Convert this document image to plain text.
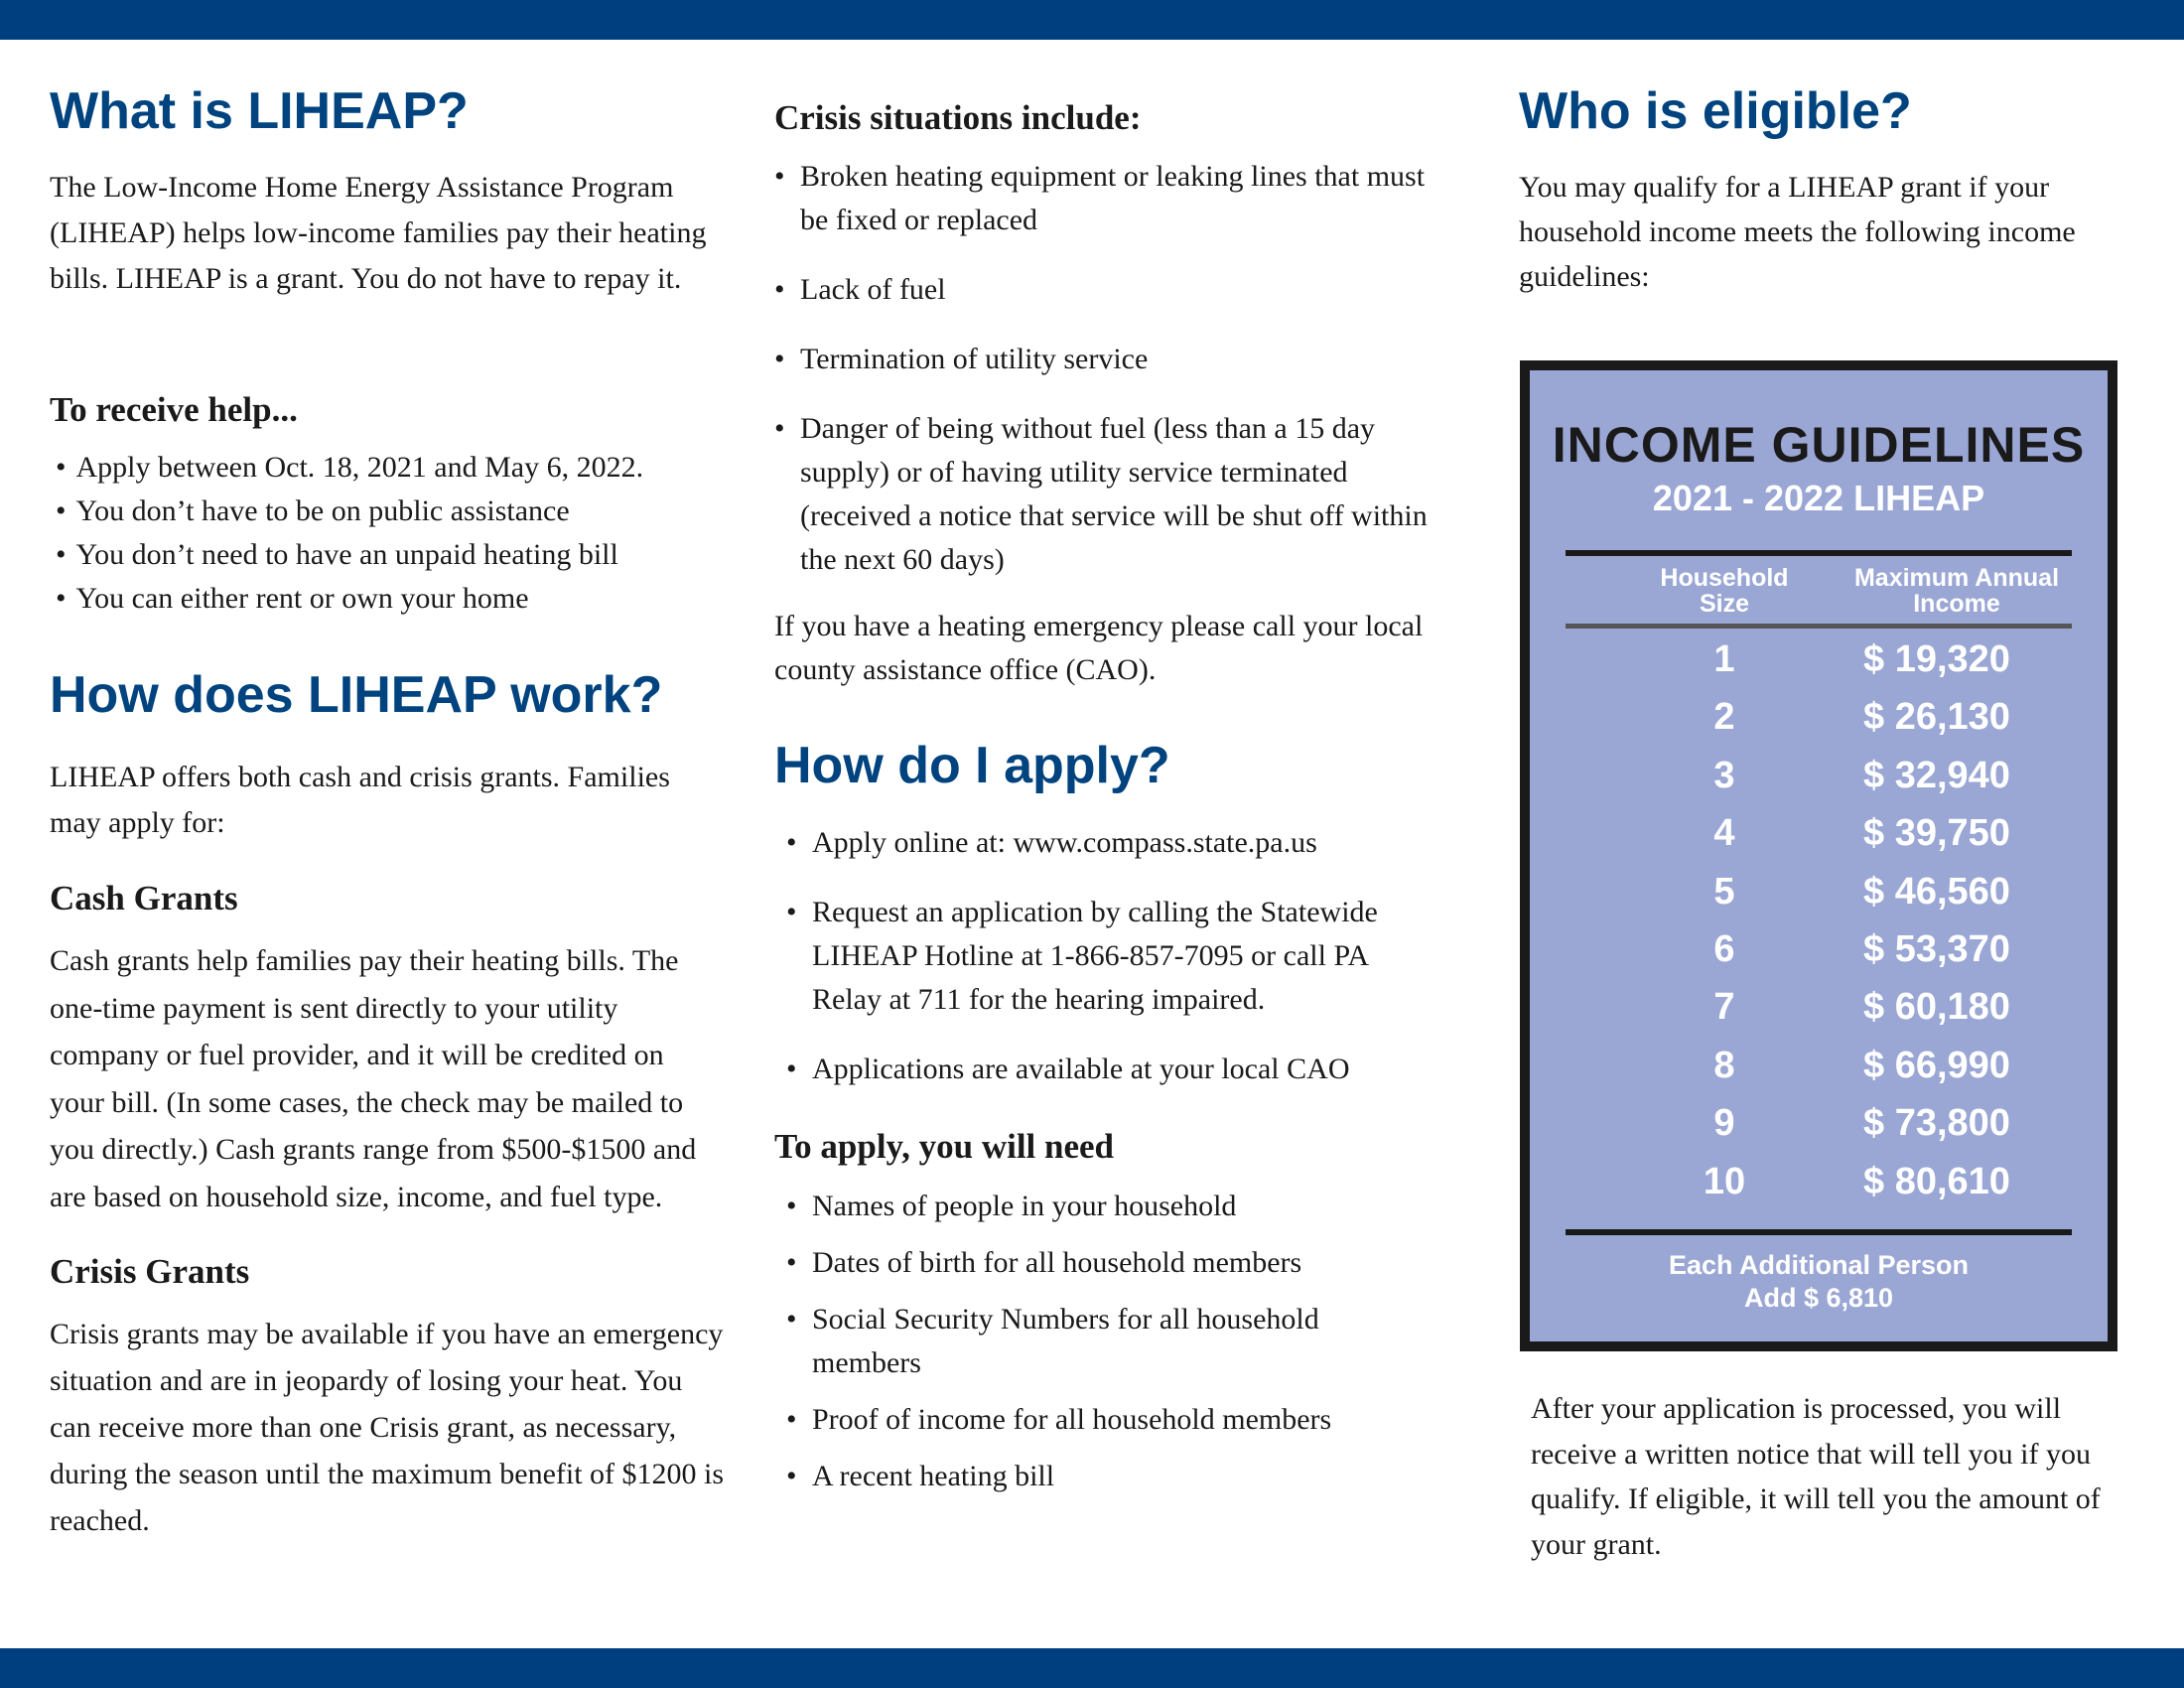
What is LIHEAP?

The Low-Income Home Energy Assistance Program (LIHEAP) helps low-income families pay their heating bills. LIHEAP is a grant. You do not have to repay it.

To receive help...
• Apply between Oct. 18, 2021 and May 6, 2022.
• You don’t have to be on public assistance
• You don’t need to have an unpaid heating bill
• You can either rent or own your home
How does LIHEAP work?

LIHEAP offers both cash and crisis grants. Families may apply for:

Cash Grants

Cash grants help families pay their heating bills. The one-time payment is sent directly to your utility company or fuel provider, and it will be credited on your bill. (In some cases, the check may be mailed to you directly.) Cash grants range from $500-$1500 and are based on household size, income, and fuel type.

Crisis Grants

Crisis grants may be available if you have an emergency situation and are in jeopardy of losing your heat. You can receive more than one Crisis grant, as necessary, during the season until the maximum benefit of $1200 is reached.

Crisis situations include:
• Broken heating equipment or leaking lines that must be fixed or replaced
• Lack of fuel
• Termination of utility service
• Danger of being without fuel (less than a 15 day supply) or of having utility service terminated (received a notice that service will be shut off within the next 60 days)

If you have a heating emergency please call your local county assistance office (CAO).

How do I apply?
• Apply online at: www.compass.state.pa.us
• Request an application by calling the Statewide LIHEAP Hotline at 1-866-857-7095 or call PA Relay at 711 for the hearing impaired.
• Applications are available at your local CAO
To apply, you will need
• Names of people in your household
• Dates of birth for all household members
• Social Security Numbers for all household members
• Proof of income for all household members
• A recent heating bill
Who is eligible?

You may qualify for a LIHEAP grant if your household income meets the following income guidelines:

After your application is processed, you will receive a written notice that will tell you if you qualify. If eligible, it will tell you the amount of your grant.

INCOME GUIDELINES
2021 - 2022 LIHEAP
Household
Size
Maximum Annual
Income
1	$ 19,320
2	$ 26,130
3	$ 32,940
4	$ 39,750
5	$ 46,560
6	$ 53,370
7	$ 60,180
8	$ 66,990
9	$ 73,800
10	$ 80,610
Each Additional Person
Add $ 6,810
